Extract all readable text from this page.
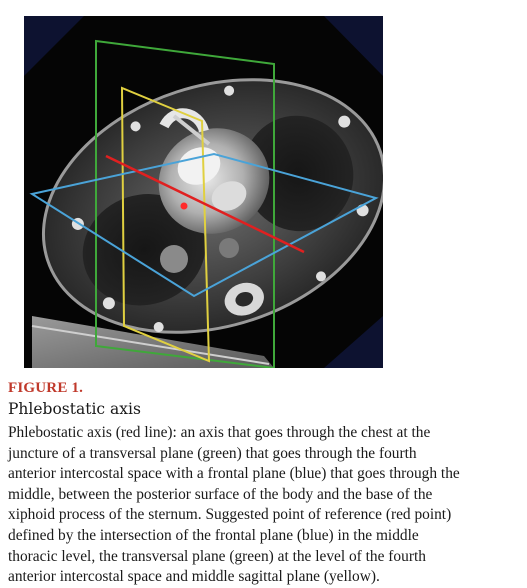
FIGURE 1.

Phlebostatic axis

Phlebostatic axis (red line): an axis that goes through the chest at the
juncture of a transversal plane (green) that goes through the fourth
anterior intercostal space with a frontal plane (blue) that goes through the
middle, between the posterior surface of the body and the base of the
xiphoid process of the sternum. Suggested point of reference (red point)
defined by the intersection of the frontal plane (blue) in the middle
thoracic level, the transversal plane (green) at the level of the fourth
anterior intercostal space and middle sagittal plane (yellow).
